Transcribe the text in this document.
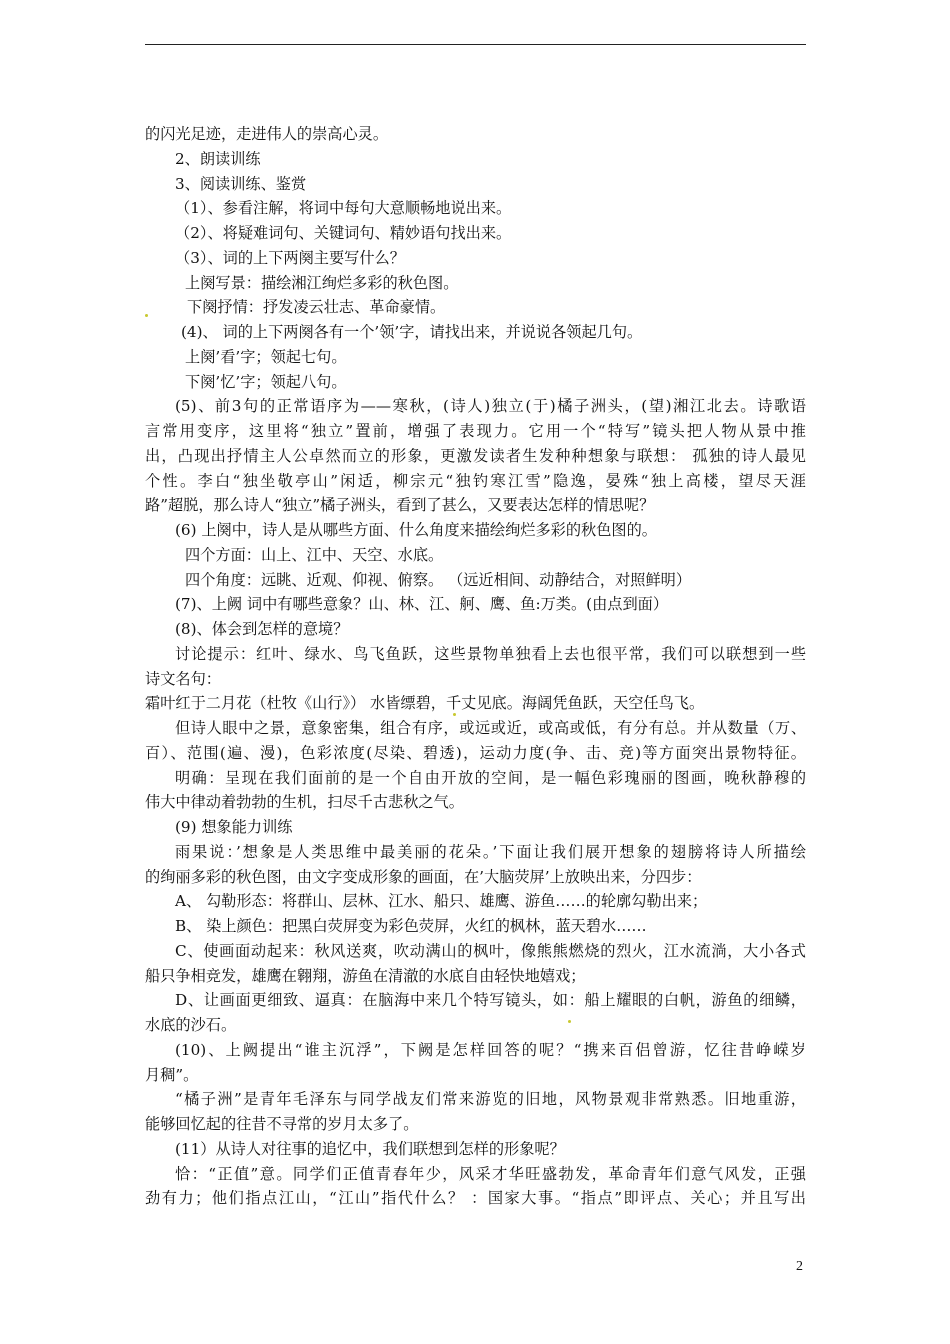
的闪光足迹，走进伟人的崇高心灵。
2、朗读训练
3、阅读训练、鉴赏
（1）、参看注解，将词中每句大意顺畅地说出来。
（2）、将疑难词句、关键词句、精妙语句找出来。
（3）、词的上下两阕主要写什么？
上阕写景：描绘湘江绚烂多彩的秋色图。
下阕抒情：抒发凌云壮志、革命豪情。
(4)、 词的上下两阕各有一个’领’字，请找出来，并说说各领起几句。
上阕’看’字；领起七句。
下阕’忆’字；领起八句。
(5)、前3句的正常语序为——寒秋，(诗人)独立(于)橘子洲头，(望)湘江北去。诗歌语
言常用变序，这里将“独立”置前，增强了表现力。它用一个“特写”镜头把人物从景中推
出，凸现出抒情主人公卓然而立的形象，更激发读者生发种种想象与联想： 孤独的诗人最见
个性。李白“独坐敬亭山”闲适，柳宗元“独钓寒江雪”隐逸，晏殊“独上高楼，望尽天涯
路”超脱，那么诗人“独立”橘子洲头，看到了甚么，又要表达怎样的情思呢？
(6) 上阕中，诗人是从哪些方面、什么角度来描绘绚烂多彩的秋色图的。
四个方面：山上、江中、天空、水底。
四个角度：远眺、近观、仰视、俯察。 （远近相间、动静结合，对照鲜明）
(7)、上阙 词中有哪些意象？山、林、江、舸、鹰、鱼:万类。(由点到面）
(8)、体会到怎样的意境？
讨论提示：红叶、绿水、鸟飞鱼跃，这些景物单独看上去也很平常，我们可以联想到一些
诗文名句：
霜叶红于二月花（杜牧《山行》） 水皆缥碧，千丈见底。海阔凭鱼跃，天空任鸟飞。
但诗人眼中之景，意象密集，组合有序，或远或近，或高或低，有分有总。并从数量（万、
百）、范围(遍、漫)，色彩浓度(尽染、碧透)，运动力度(争、击、竞)等方面突出景物特征。
明确：呈现在我们面前的是一个自由开放的空间，是一幅色彩瑰丽的图画，晚秋静穆的
伟大中律动着勃勃的生机，扫尽千古悲秋之气。
(9) 想象能力训练
雨果说：’想象是人类思维中最美丽的花朵。’下面让我们展开想象的翅膀将诗人所描绘
的绚丽多彩的秋色图，由文字变成形象的画面，在’大脑荧屏’上放映出来，分四步：
A、 勾勒形态：将群山、层林、江水、船只、雄鹰、游鱼……的轮廓勾勒出来；
B、 染上颜色：把黑白荧屏变为彩色荧屏，火红的枫林，蓝天碧水……
C、使画面动起来：秋风送爽，吹动满山的枫叶，像熊熊燃烧的烈火，江水流淌，大小各式
船只争相竞发，雄鹰在翱翔，游鱼在清澈的水底自由轻快地嬉戏；
D、让画面更细致、逼真：在脑海中来几个特写镜头，如：船上耀眼的白帆，游鱼的细鳞，
水底的沙石。
(10)、上阙提出“谁主沉浮”，下阙是怎样回答的呢？“携来百侣曾游，忆往昔峥嵘岁
月稠”。
“橘子洲”是青年毛泽东与同学战友们常来游览的旧地，风物景观非常熟悉。旧地重游，
能够回忆起的往昔不寻常的岁月太多了。
(11）从诗人对往事的追忆中，我们联想到怎样的形象呢？
恰：“正值”意。同学们正值青春年少，风采才华旺盛勃发，革命青年们意气风发，正强
劲有力；他们指点江山，“江山”指代什么？ ：国家大事。“指点”即评点、关心；并且写出
2
